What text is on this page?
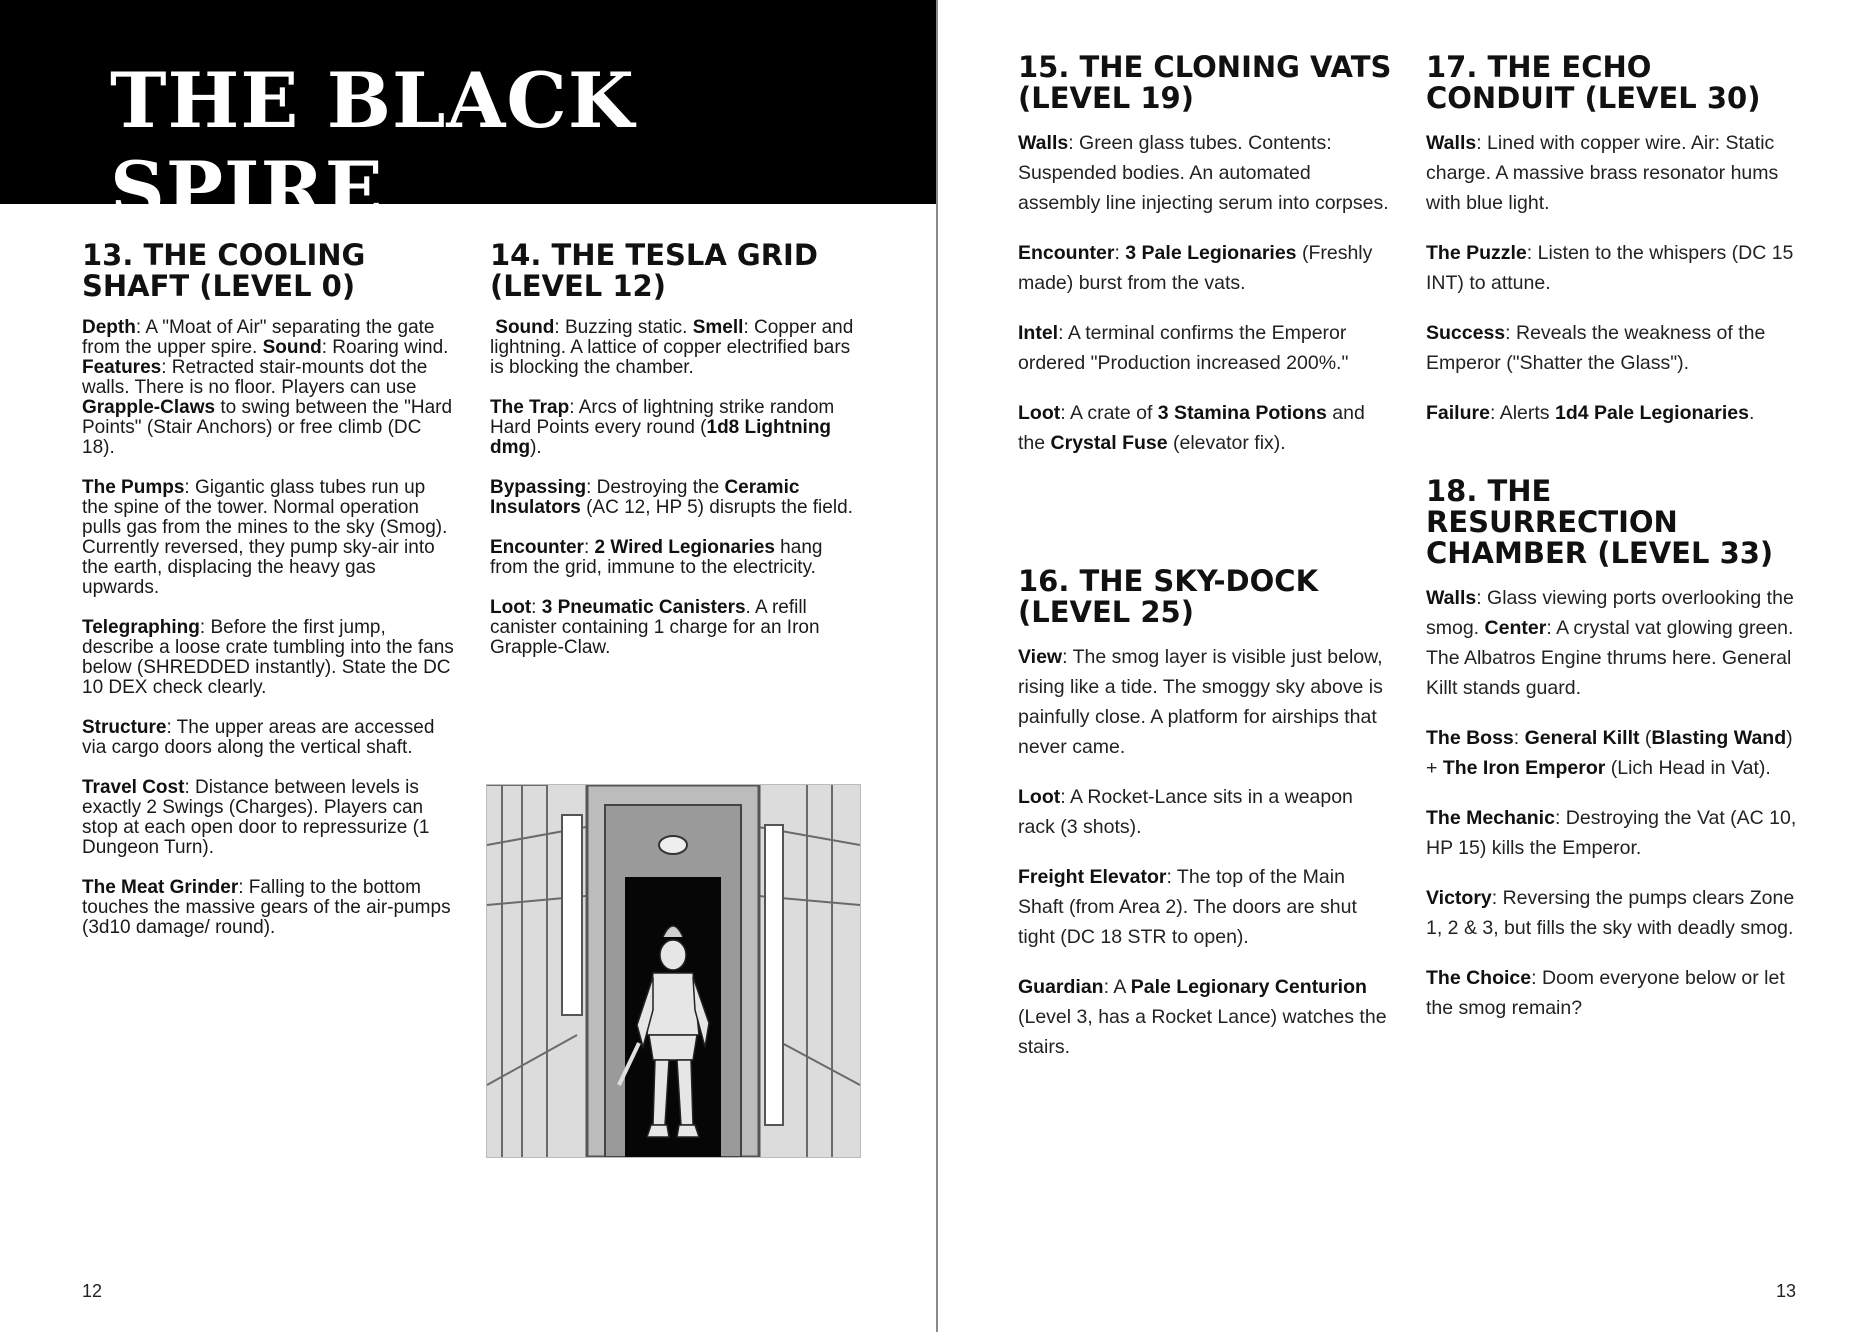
THE BLACK SPIRE
13. THE COOLING SHAFT (LEVEL 0)

Depth: A "Moat of Air" separating the gate from the upper spire. Sound: Roaring wind. Features: Retracted stair-mounts dot the walls. There is no floor. Players can use Grapple-Claws to swing between the "Hard Points" (Stair Anchors) or free climb (DC 18).

The Pumps: Gigantic glass tubes run up the spine of the tower. Normal operation pulls gas from the mines to the sky (Smog). Currently reversed, they pump sky-air into the earth, displacing the heavy gas upwards.

Telegraphing: Before the first jump, describe a loose crate tumbling into the fans below (SHREDDED instantly). State the DC 10 DEX check clearly.

Structure: The upper areas are accessed via cargo doors along the vertical shaft.

Travel Cost: Distance between levels is exactly 2 Swings (Charges). Players can stop at each open door to repressurize (1 Dungeon Turn).

The Meat Grinder: Falling to the bottom touches the massive gears of the air-pumps (3d10 damage/ round).

14. THE TESLA GRID (LEVEL 12)

Sound: Buzzing static. Smell: Copper and lightning. A lattice of copper electrified bars is blocking the chamber.

The Trap: Arcs of lightning strike random Hard Points every round (1d8 Lightning dmg).

Bypassing: Destroying the Ceramic Insulators (AC 12, HP 5) disrupts the field.

Encounter: 2 Wired Legionaries hang from the grid, immune to the electricity.

Loot: 3 Pneumatic Canisters. A refill canister containing 1 charge for an Iron Grapple-Claw.

12
15. THE CLONING VATS (LEVEL 19)

Walls: Green glass tubes. Contents: Suspended bodies. An automated assembly line injecting serum into corpses.

Encounter: 3 Pale Legionaries (Freshly made) burst from the vats.

Intel: A terminal confirms the Emperor ordered "Production increased 200%."

Loot: A crate of 3 Stamina Potions and the Crystal Fuse (elevator fix).

16. THE SKY-DOCK (LEVEL 25)

View: The smog layer is visible just below, rising like a tide. The smoggy sky above is painfully close. A platform for airships that never came.

Loot: A Rocket-Lance sits in a weapon rack (3 shots).

Freight Elevator: The top of the Main Shaft (from Area 2). The doors are shut tight (DC 18 STR to open).

Guardian: A Pale Legionary Centurion (Level 3, has a Rocket Lance) watches the stairs.

17. THE ECHO CONDUIT (LEVEL 30)

Walls: Lined with copper wire. Air: Static charge. A massive brass resonator hums with blue light.

The Puzzle: Listen to the whispers (DC 15 INT) to attune.

Success: Reveals the weakness of the Emperor ("Shatter the Glass").

Failure: Alerts 1d4 Pale Legionaries.

18. THE RESURRECTION CHAMBER (LEVEL 33)

Walls: Glass viewing ports overlooking the smog. Center: A crystal vat glowing green. The Albatros Engine thrums here. General Killt stands guard.

The Boss: General Killt (Blasting Wand) + The Iron Emperor (Lich Head in Vat).

The Mechanic: Destroying the Vat (AC 10, HP 15) kills the Emperor.

Victory: Reversing the pumps clears Zone 1, 2 & 3, but fills the sky with deadly smog.

The Choice: Doom everyone below or let the smog remain?

13
